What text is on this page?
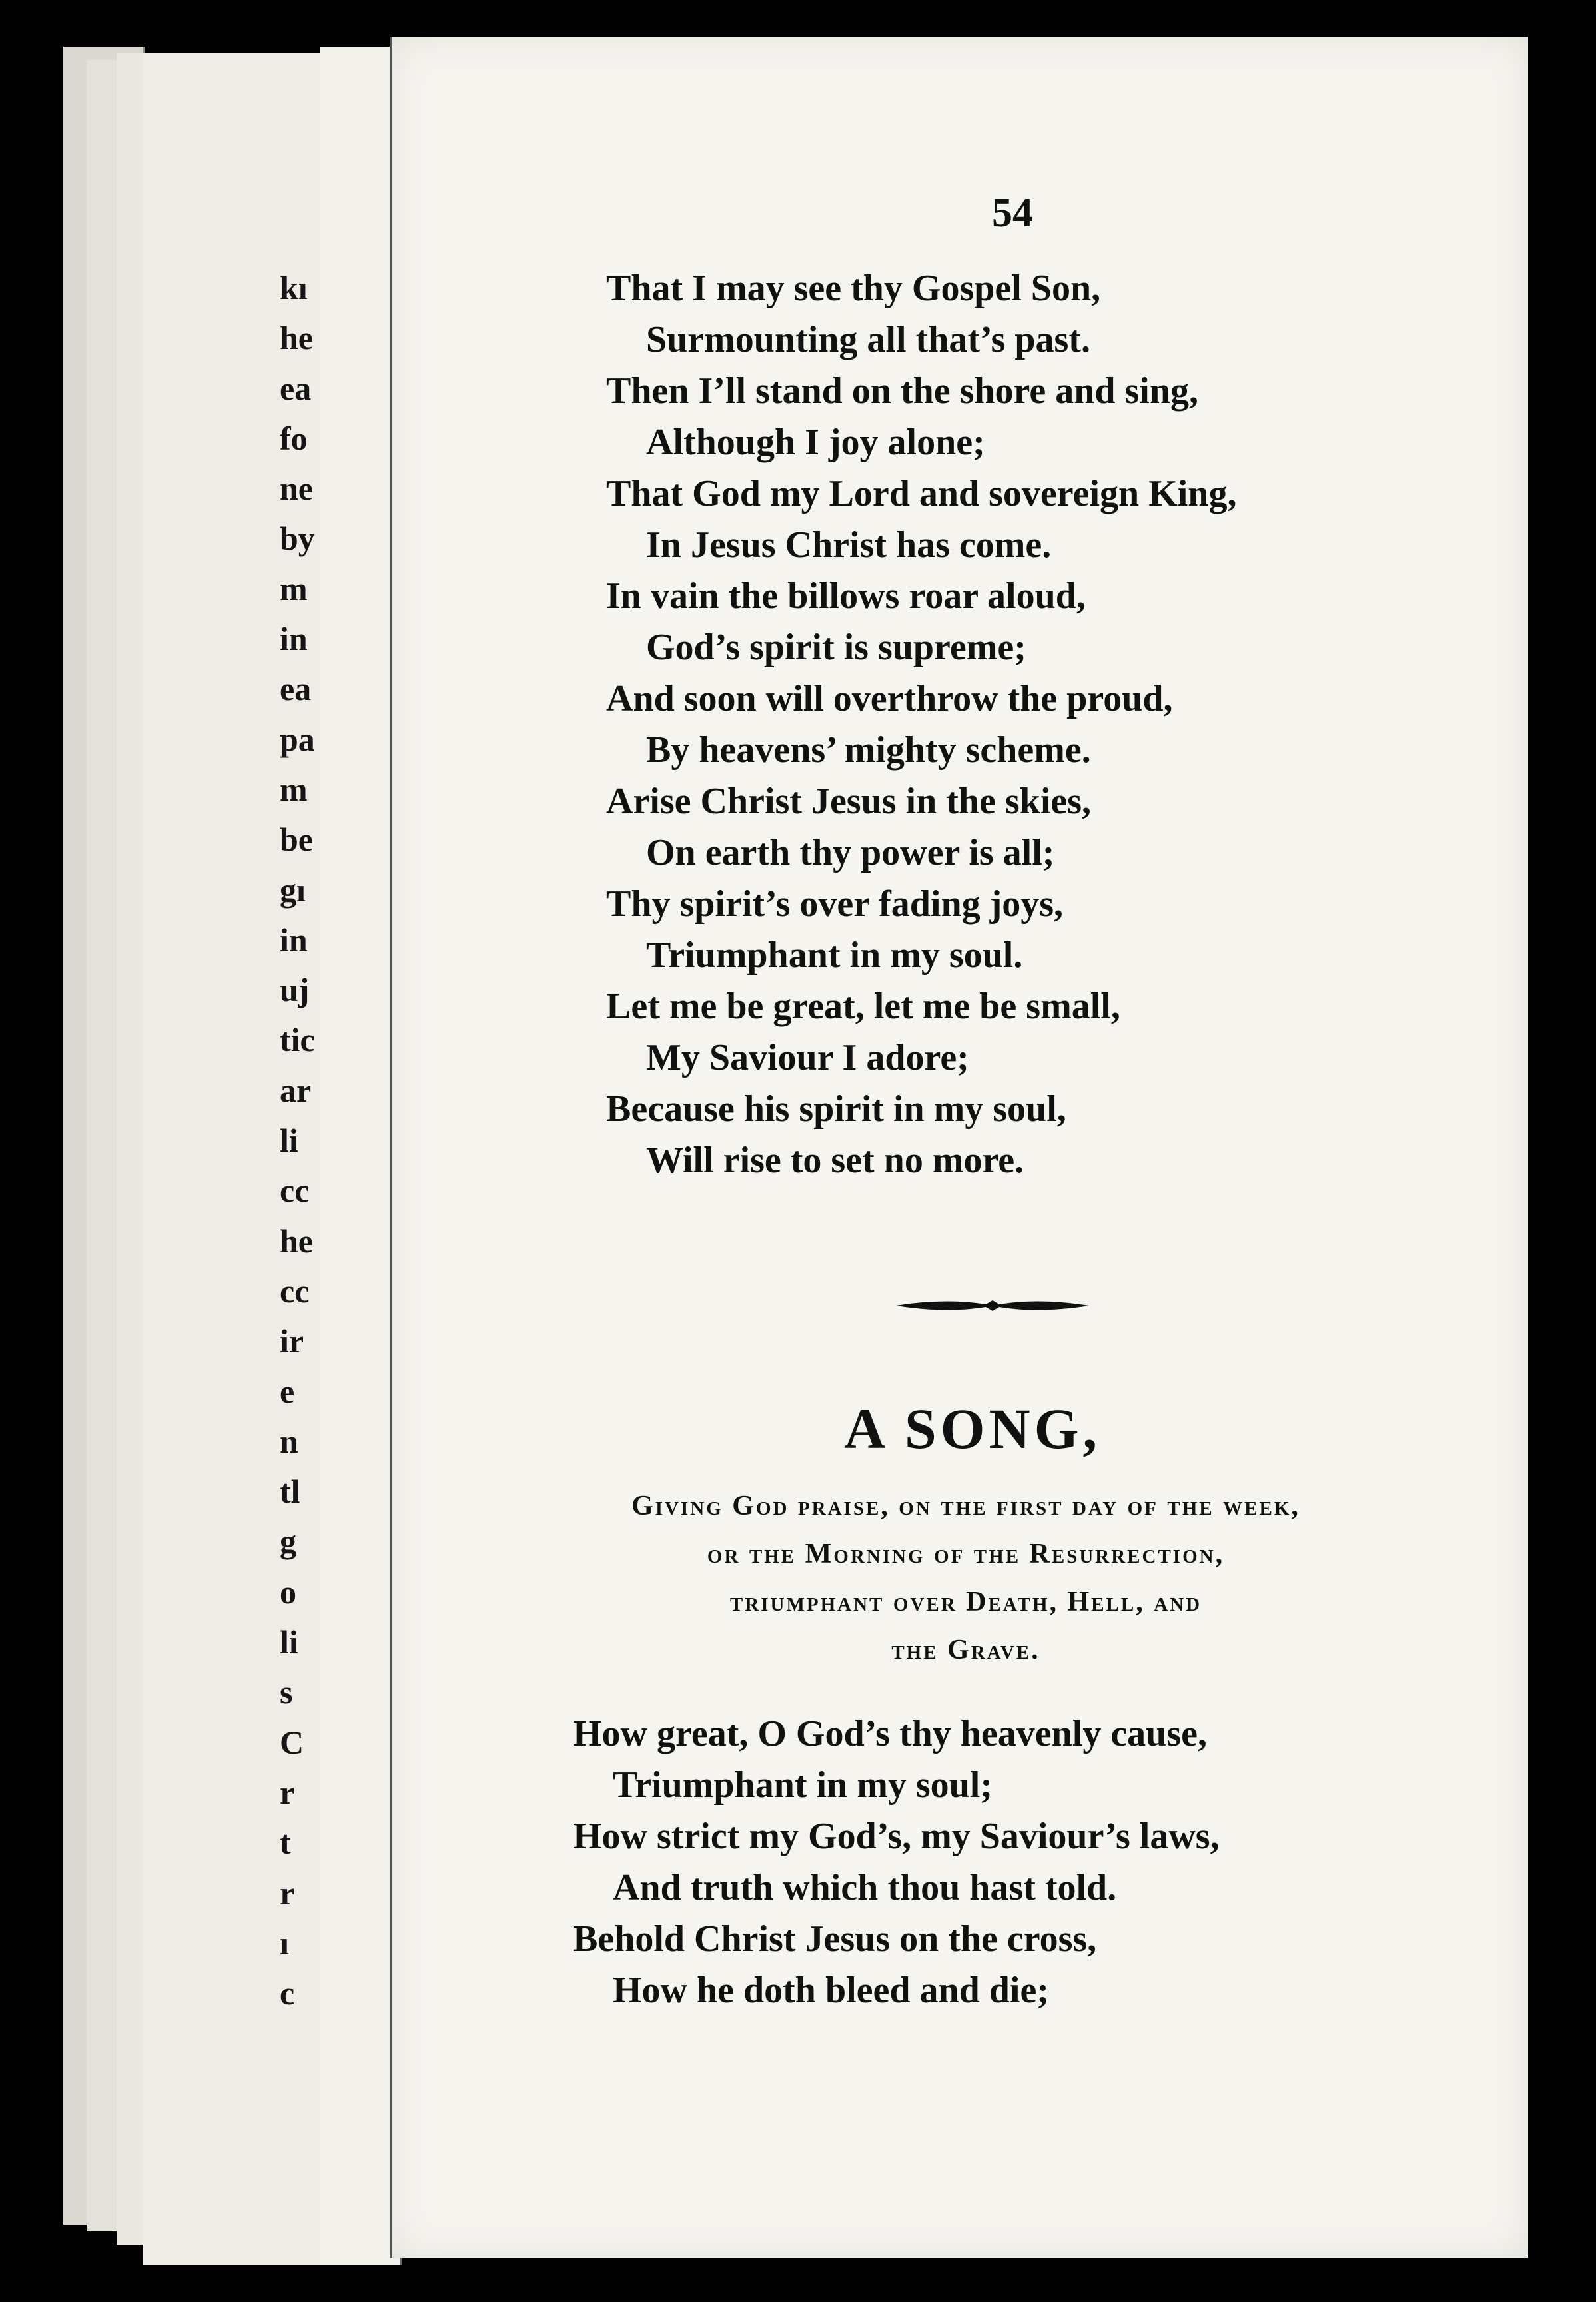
kı
he
ea
fo
ne
by
m
in
ea
pa
m
be
gı
in
uj
tic
ar
li
cc
he
cc
ir
e
n
tl
g
o
li
s
C
r
t
r
ı
c
54
That I may see thy Gospel Son,
Surmounting all that’s past.
Then I’ll stand on the shore and sing,
Although I joy alone;
That God my Lord and sovereign King,
In Jesus Christ has come.
In vain the billows roar aloud,
God’s spirit is supreme;
And soon will overthrow the proud,
By heavens’ mighty scheme.
Arise Christ Jesus in the skies,
On earth thy power is all;
Thy spirit’s over fading joys,
Triumphant in my soul.
Let me be great, let me be small,
My Saviour I adore;
Because his spirit in my soul,
Will rise to set no more.
A SONG,
Giving God praise, on the first day of the week,
or the Morning of the Resurrection,
triumphant over Death, Hell, and
the Grave.
How great, O God’s thy heavenly cause,
Triumphant in my soul;
How strict my God’s, my Saviour’s laws,
And truth which thou hast told.
Behold Christ Jesus on the cross,
How he doth bleed and die;
